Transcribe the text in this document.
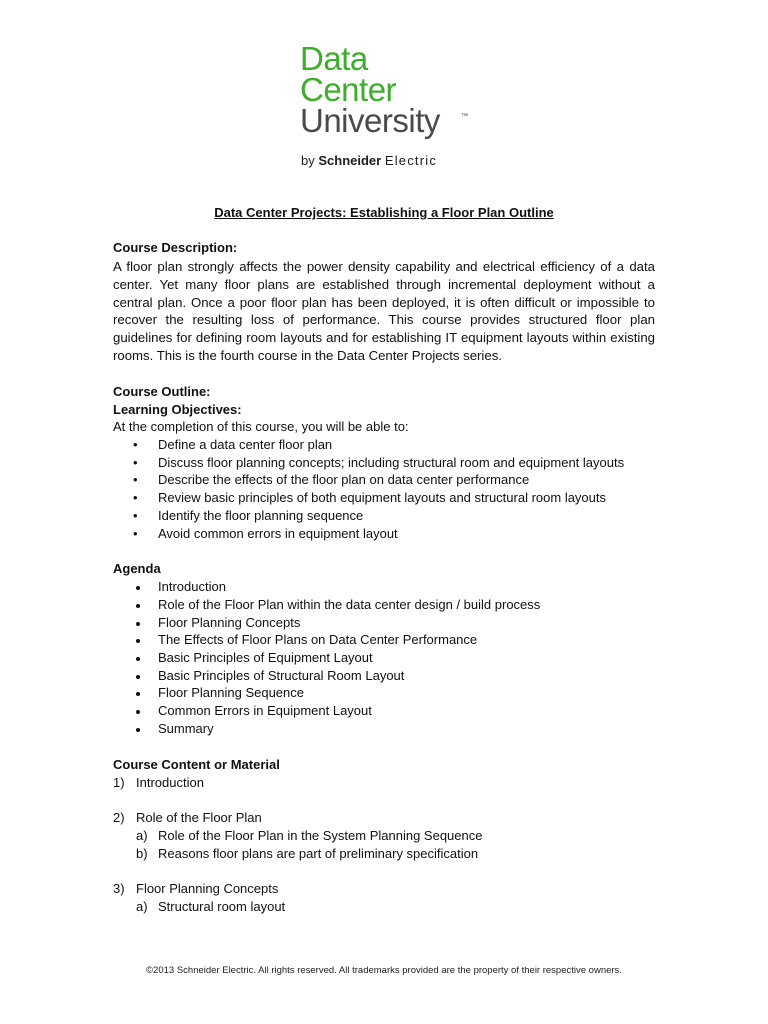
Data
Center
University	™
by Schneider Electric
Data Center Projects: Establishing a Floor Plan Outline
Course Description:
A floor plan strongly affects the power density capability and electrical efficiency of a data center. Yet many floor plans are established through incremental deployment without a central plan. Once a poor floor plan has been deployed, it is often difficult or impossible to recover the resulting loss of performance. This course provides structured floor plan guidelines for defining room layouts and for establishing IT equipment layouts within existing rooms. This is the fourth course in the Data Center Projects series.
Course Outline:
Learning Objectives:
At the completion of this course, you will be able to:
• Define a data center floor plan
• Discuss floor planning concepts; including structural room and equipment layouts
• Describe the effects of the floor plan on data center performance
• Review basic principles of both equipment layouts and structural room layouts
• Identify the floor planning sequence
• Avoid common errors in equipment layout
Agenda
Introduction
Role of the Floor Plan within the data center design / build process
Floor Planning Concepts
The Effects of Floor Plans on Data Center Performance
Basic Principles of Equipment Layout
Basic Principles of Structural Room Layout
Floor Planning Sequence
Common Errors in Equipment Layout
Summary
Course Content or Material
1) Introduction
2) Role of the Floor Plan
a) Role of the Floor Plan in the System Planning Sequence
b) Reasons floor plans are part of preliminary specification
3) Floor Planning Concepts
a) Structural room layout
©2013 Schneider Electric. All rights reserved. All trademarks provided are the property of their respective owners.
